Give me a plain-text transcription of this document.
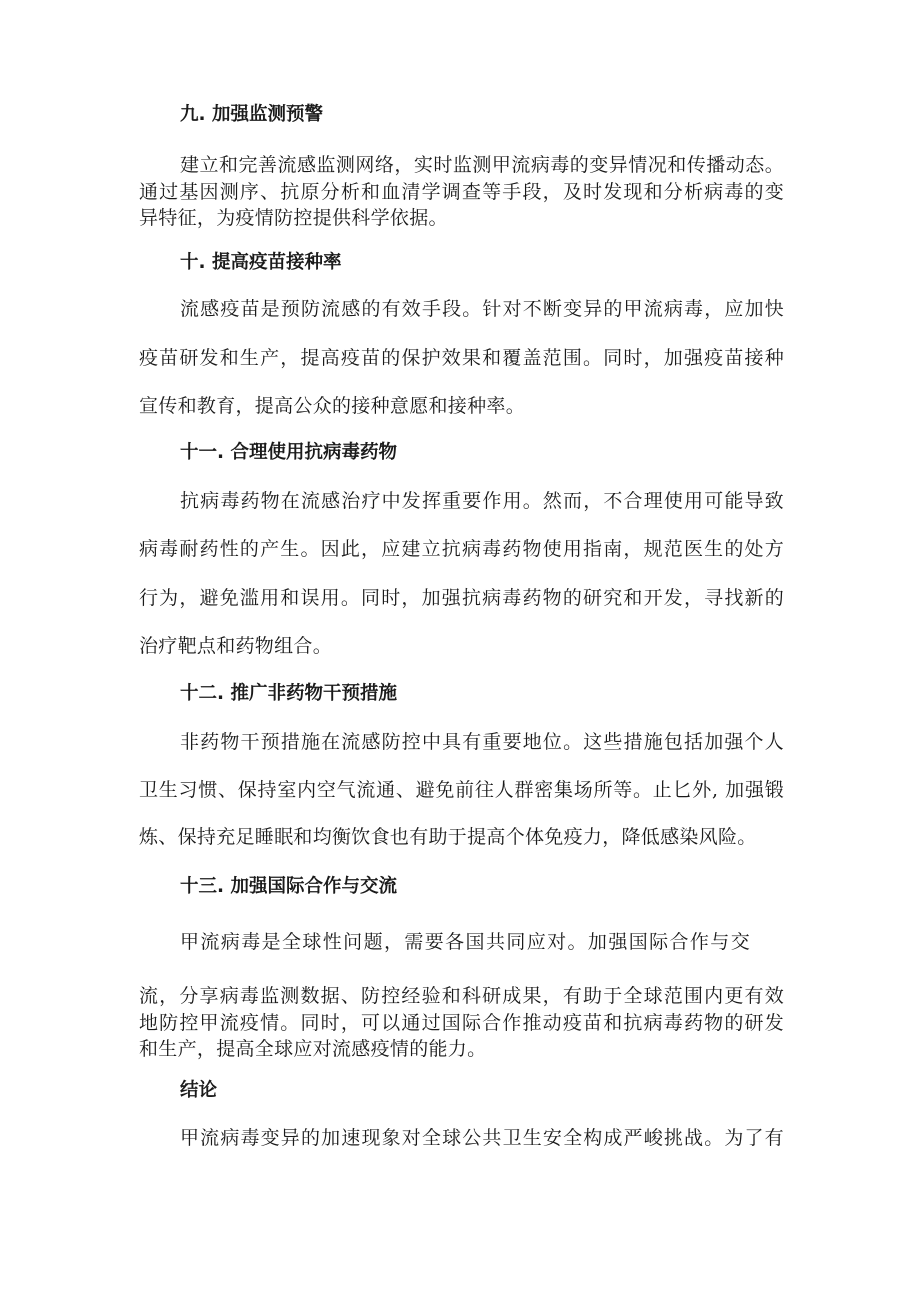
九. 加强监测预警

建立和完善流感监测网络，实时监测甲流病毒的变异情况和传播动态。

通过基因测序、抗原分析和血清学调查等手段，及时发现和分析病毒的变

异特征，为疫情防控提供科学依据。

十. 提高疫苗接种率

流感疫苗是预防流感的有效手段。针对不断变异的甲流病毒，应加快

疫苗研发和生产，提高疫苗的保护效果和覆盖范围。同时，加强疫苗接种

宣传和教育，提高公众的接种意愿和接种率。

十一. 合理使用抗病毒药物

抗病毒药物在流感治疗中发挥重要作用。然而，不合理使用可能导致

病毒耐药性的产生。因此，应建立抗病毒药物使用指南，规范医生的处方

行为，避免滥用和误用。同时，加强抗病毒药物的研究和开发，寻找新的

治疗靶点和药物组合。

十二. 推广非药物干预措施

非药物干预措施在流感防控中具有重要地位。这些措施包括加强个人

卫生习惯、保持室内空气流通、避免前往人群密集场所等。止匕外, 加强锻

炼、保持充足睡眠和均衡饮食也有助于提高个体免疫力，降低感染风险。

十三. 加强国际合作与交流

甲流病毒是全球性问题，需要各国共同应对。加强国际合作与交

流，分享病毒监测数据、防控经验和科研成果，有助于全球范围内更有效

地防控甲流疫情。同时，可以通过国际合作推动疫苗和抗病毒药物的研发

和生产，提高全球应对流感疫情的能力。

结论

甲流病毒变异的加速现象对全球公共卫生安全构成严峻挑战。为了有
